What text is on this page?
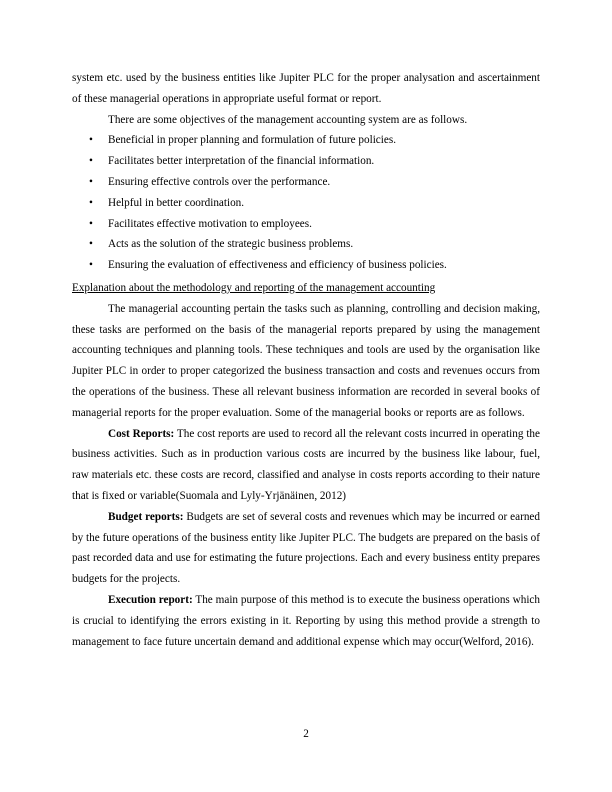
system etc. used by the business entities like Jupiter PLC for the proper analysation and ascertainment of these managerial operations in appropriate useful format or report.

There are some objectives of the management accounting system are as follows.

• Beneficial in proper planning and formulation of future policies.
• Facilitates better interpretation of the financial information.
• Ensuring effective controls over the performance.
• Helpful in better coordination.
• Facilitates effective motivation to employees.
• Acts as the solution of the strategic business problems.
• Ensuring the evaluation of effectiveness and efficiency of business policies.

Explanation about the methodology and reporting of the management accounting

The managerial accounting pertain the tasks such as planning, controlling and decision making, these tasks are performed on the basis of the managerial reports prepared by using the management accounting techniques and planning tools. These techniques and tools are used by the organisation like Jupiter PLC in order to proper categorized the business transaction and costs and revenues occurs from the operations of the business. These all relevant business information are recorded in several books of managerial reports for the proper evaluation. Some of the managerial books or reports are as follows.

Cost Reports: The cost reports are used to record all the relevant costs incurred in operating the business activities. Such as in production various costs are incurred by the business like labour, fuel, raw materials etc. these costs are record, classified and analyse in costs reports according to their nature that is fixed or variable(Suomala and Lyly-Yrjänäinen, 2012)

Budget reports: Budgets are set of several costs and revenues which may be incurred or earned by the future operations of the business entity like Jupiter PLC. The budgets are prepared on the basis of past recorded data and use for estimating the future projections. Each and every business entity prepares budgets for the projects.

Execution report: The main purpose of this method is to execute the business operations which is crucial to identifying the errors existing in it. Reporting by using this method provide a strength to management to face future uncertain demand and additional expense which may occur(Welford, 2016).

2
